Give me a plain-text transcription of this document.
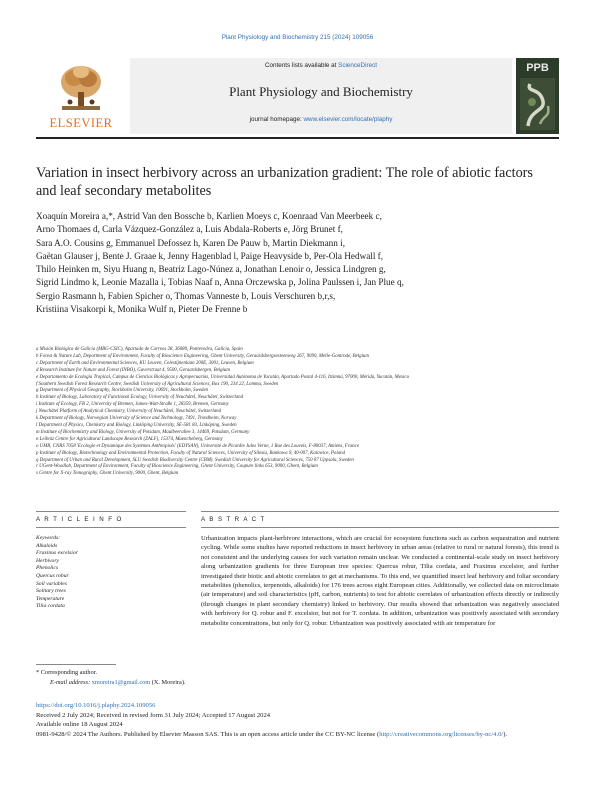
Plant Physiology and Biochemistry 215 (2024) 109056
ELSEVIER
Contents lists available at ScienceDirect
Plant Physiology and Biochemistry
journal homepage: www.elsevier.com/locate/plaphy
PPB
Variation in insect herbivory across an urbanization gradient: The role of abiotic factors and leaf secondary metabolites
Xoaquín Moreira a,*, Astrid Van den Bossche b, Karlien Moeys c, Koenraad Van Meerbeek c,
Arno Thomaes d, Carla Vázquez-González a, Luis Abdala-Roberts e, Jörg Brunet f,
Sara A.O. Cousins g, Emmanuel Defossez h, Karen De Pauw b, Martin Diekmann i,
Gaëtan Glauser j, Bente J. Graae k, Jenny Hagenblad l, Paige Heavyside b, Per-Ola Hedwall f,
Thilo Heinken m, Siyu Huang n, Beatriz Lago-Núnez a, Jonathan Lenoir o, Jessica Lindgren g,
Sigrid Lindmo k, Leonie Mazalla i, Tobias Naaf n, Anna Orczewska p, Jolina Paulssen i, Jan Plue q,
Sergio Rasmann h, Fabien Spicher o, Thomas Vanneste b, Louis Verschuren b,r,s,
Kristiina Visakorpi k, Monika Wulf n, Pieter De Frenne b
a Misión Biológica de Galicia (MBG-CSIC), Apartado de Correos 28, 36080, Pontevedra, Galicia, Spain
b Forest & Nature Lab, Department of Environment, Faculty of Bioscience Engineering, Ghent University, Geraardsbergsesteenweg 267, 9090, Melle-Gontrode, Belgium
c Department of Earth and Environmental Sciences, KU Leuven, Celestijnenlaan 200E, 3001, Leuven, Belgium
d Research Institute for Nature and Forest (INBO), Gaverstraat 4, 9500, Geraardsbergen, Belgium
e Departamento de Ecología Tropical, Campus de Ciencias Biológicas y Agropecuarias, Universidad Autónoma de Yucatán, Apartado Postal 4-116, Itzimná, 97000, Mérida, Yucatán, Mexico
f Southern Swedish Forest Research Centre, Swedish University of Agricultural Sciences, Box 190, 234 22, Lomma, Sweden
g Department of Physical Geography, Stockholm University, 10691, Stockholm, Sweden
h Institute of Biology, Laboratory of Functional Ecology, University of Neuchâtel, Neuchâtel, Switzerland
i Institute of Ecology, FB 2, University of Bremen, James-Watt-Straße 1, 28359, Bremen, Germany
j Neuchâtel Platform of Analytical Chemistry, University of Neuchâtel, Neuchâtel, Switzerland
k Department of Biology, Norwegian University of Science and Technology, 7491, Trondheim, Norway
l Department of Physics, Chemistry and Biology, Linköping University, SE-581 83, Linköping, Sweden
m Institute of Biochemistry and Biology, University of Potsdam, Maulbeerallee 3, 14469, Potsdam, Germany
n Leibniz Centre for Agricultural Landscape Research (ZALF), 15374, Muencheberg, Germany
o UMR, CNRS 7058 'Ecologie et Dynamique des Systèmes Anthropisés' (EDYSAN), Université de Picardie Jules Verne, 1 Rue des Louvels, F-80037, Amiens, France
p Institute of Biology, Biotechnology and Environmental Protection, Faculty of Natural Sciences, University of Silesia, Bankowa 9, 40-007, Katowice, Poland
q Department of Urban and Rural Development, SLU Swedish Biodiversity Centre (CBM). Swedish University for Agricultural Sciences, 750 07 Uppsala, Sweden
r UGent-Woodlab, Department of Environment, Faculty of Bioscience Engineering, Ghent University, Coupure links 653, 9000, Ghent, Belgium
s Centre for X-ray Tomography, Ghent University, 9000, Ghent, Belgium
A R T I C L E I N F O	A B S T R A C T
Keywords:
Alkaloids
Fraxinus excelsior
Herbivory
Phenolics
Quercus robur
Soil variables
Solitary trees
Temperature
Tilia cordata
Urbanization impacts plant-herbivore interactions, which are crucial for ecosystem functions such as carbon sequestration and nutrient cycling. While some studies have reported reductions in insect herbivory in urban areas (relative to rural or natural forests), this trend is not consistent and the underlying causes for such variation remain unclear. We conducted a continental-scale study on insect herbivory along urbanization gradients for three European tree species: Quercus robur, Tilia cordata, and Fraxinus excelsior, and further investigated their biotic and abiotic correlates to get at mechanisms. To this end, we quantified insect leaf herbivory and foliar secondary metabolites (phenolics, terpenoids, alkaloids) for 176 trees across eight European cities. Additionally, we collected data on microclimate (air temperature) and soil characteristics (pH, carbon, nutrients) to test for abiotic correlates of urbanization effects directly or indirectly (through changes in plant secondary chemistry) linked to herbivory. Our results showed that urbanization was negatively associated with herbivory for Q. robur and F. excelsior, but not for T. cordata. In addition, urbanization was positively associated with secondary metabolite concentrations, but only for Q. robur. Urbanization was positively associated with air temperature for
* Corresponding author.
E-mail address: xmoreira1@gmail.com (X. Moreira).
https://doi.org/10.1016/j.plaphy.2024.109056
Received 2 July 2024; Received in revised form 31 July 2024; Accepted 17 August 2024
Available online 18 August 2024
0981-9428/© 2024 The Authors. Published by Elsevier Masson SAS. This is an open access article under the CC BY-NC license (http://creativecommons.org/licenses/by-nc/4.0/).
